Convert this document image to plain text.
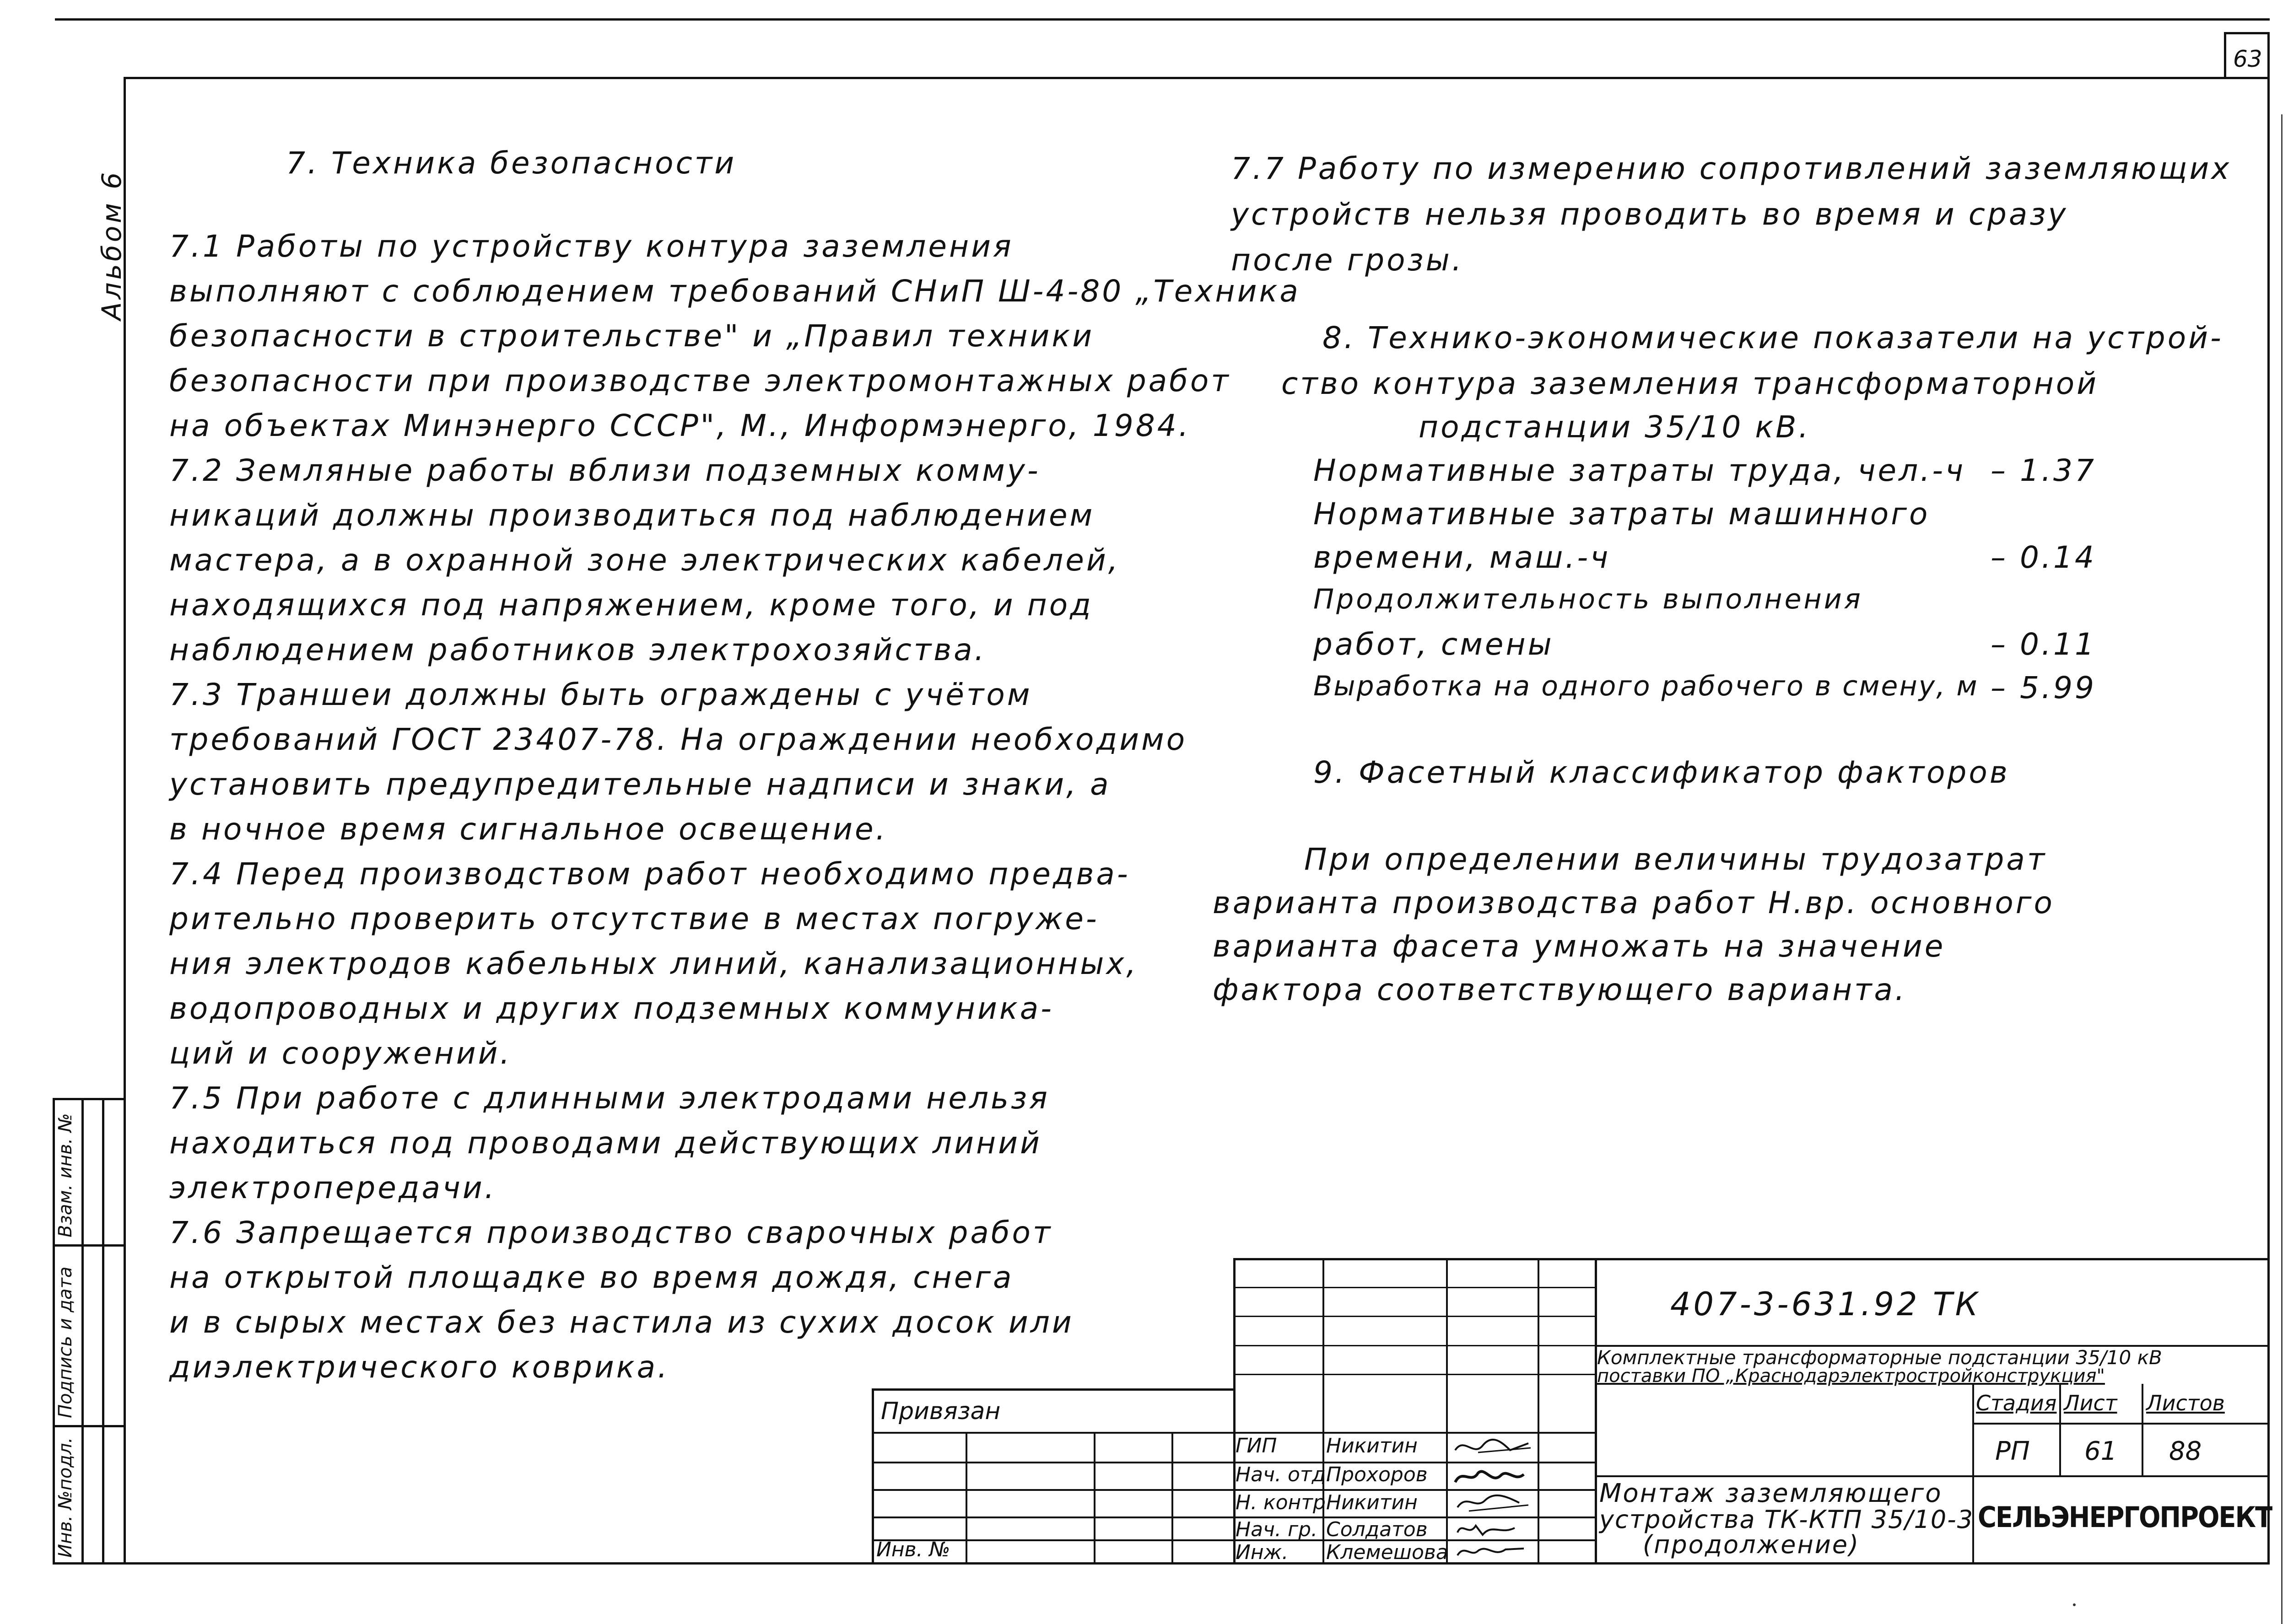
63
Альбом 6
Инв. №подл.
Подпись и дата
Взам. инв. №
7. Техника безопасности
7.1 Работы по устройству контура заземления
выполняют с соблюдением требований СНиП Ш-4-80 „Техника
безопасности в строительстве" и „Правил техники
безопасности при производстве электромонтажных работ
на объектах Минэнерго СССР", М., Информэнерго, 1984.
7.2 Земляные работы вблизи подземных комму-
никаций должны производиться под наблюдением
мастера, а в охранной зоне электрических кабелей,
находящихся под напряжением, кроме того, и под
наблюдением работников электрохозяйства.
7.3 Траншеи должны быть ограждены с учётом
требований ГОСТ 23407-78. На ограждении необходимо
установить предупредительные надписи и знаки, а
в ночное время сигнальное освещение.
7.4 Перед производством работ необходимо предва-
рительно проверить отсутствие в местах погруже-
ния электродов кабельных линий, канализационных,
водопроводных и других подземных коммуника-
ций и сооружений.
7.5 При работе с длинными электродами нельзя
находиться под проводами действующих линий
электропередачи.
7.6 Запрещается производство сварочных работ
на открытой площадке во время дождя, снега
и в сырых местах без настила из сухих досок или
диэлектрического коврика.
7.7 Работу по измерению сопротивлений заземляющих
устройств нельзя проводить во время и сразу
после грозы.
8. Технико-экономические показатели на устрой-
ство контура заземления трансформаторной
подстанции 35/10 кВ.
Нормативные затраты труда, чел.-ч – 1.37
Нормативные затраты машинного
времени, маш.-ч	– 0.14
Продолжительность выполнения
работ, смены	– 0.11
Выработка на одного рабочего в смену, м – 5.99
9. Фасетный классификатор факторов
При определении величины трудозатрат
варианта производства работ Н.вр. основного
варианта фасета умножать на значение
фактора соответствующего варианта.
407-3-631.92 ТК
Комплектные трансформаторные подстанции 35/10 кВ
поставки ПО „Краснодарэлектростройконструкция"
Привязан
Инв. №
ГИП Никитин
Нач. отд.
Прохоров
Н. контр Никитин
Нач. гр. Солдатов
Инж. Клемешова
Стадия Лист Листов
РП 61 88
Монтаж заземляющего
устройства ТК-КТП 35/10-3
(продолжение)
СЕЛЬЭНЕРГОПРОЕКТ
